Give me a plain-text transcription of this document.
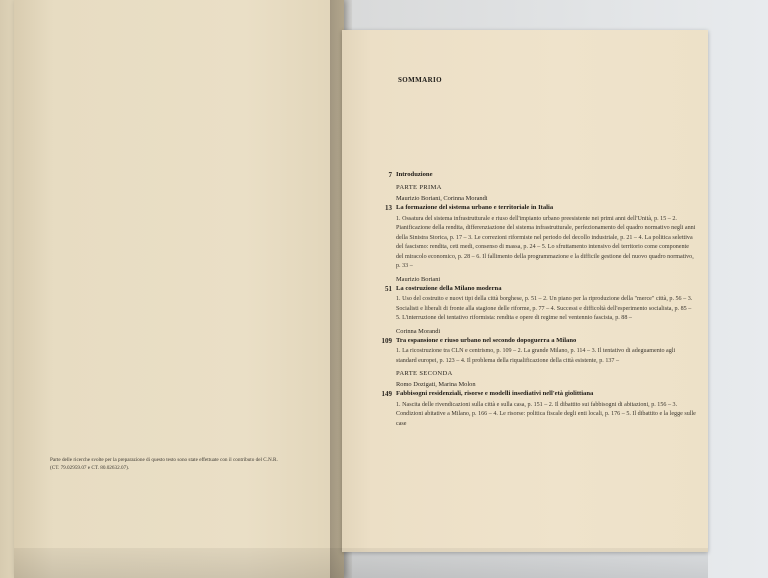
Parte delle ricerche svolte per la preparazione di questo testo sono state effettuate con il contributo del C.N.R. (CT. 79.02959.07 e CT. 80.02632.07).
SOMMARIO
7 Introduzione
PARTE PRIMA
Maurizio Boriani, Corinna Morandi
13 La formazione del sistema urbano e territoriale in Italia
1. Ossatura del sistema infrastrutturale e riuso dell'impianto urbano preesistente nei primi anni dell'Unità, p. 15 – 2. Pianificazione della rendita, differenziazione del sistema infrastrutturale, perfezionamento del quadro normativo negli anni della Sinistra Storica, p. 17 – 3. Le correzioni riformiste nel periodo del decollo industriale, p. 21 – 4. La politica selettiva del fascismo: rendita, ceti medi, consenso di massa, p. 24 – 5. Lo sfruttamento intensivo del territorio come componente del miracolo economico, p. 28 – 6. Il fallimento della programmazione e la difficile gestione del nuovo quadro normativo, p. 33 –
Maurizio Boriani
51 La costruzione della Milano moderna
1. Uso del costruito e nuovi tipi della città borghese, p. 51 – 2. Un piano per la riproduzione della "merce" città, p. 56 – 3. Socialisti e liberali di fronte alla stagione delle riforme, p. 77 – 4. Successi e difficoltà dell'esperimento socialista, p. 85 – 5. L'interruzione del tentativo riformista: rendita e opere di regime nel ventennio fascista, p. 88 –
Corinna Morandi
109 Tra espansione e riuso urbano nel secondo dopoguerra a Milano
1. La ricostruzione tra CLN e centrismo, p. 109 – 2. La grande Milano, p. 114 – 3. Il tentativo di adeguamento agli standard europei, p. 123 – 4. Il problema della riqualificazione della città esistente, p. 137 –
PARTE SECONDA
Romo Dozigati, Marina Molon
149 Fabbisogni residenziali, risorse e modelli insediativi nell'età giolittiana
1. Nascita delle rivendicazioni sulla città e sulla casa, p. 151 – 2. Il dibattito sui fabbisogni di abitazioni, p. 156 – 3. Condizioni abitative a Milano, p. 166 – 4. Le risorse: politica fiscale degli enti locali, p. 176 – 5. Il dibattito e la legge sulle case
